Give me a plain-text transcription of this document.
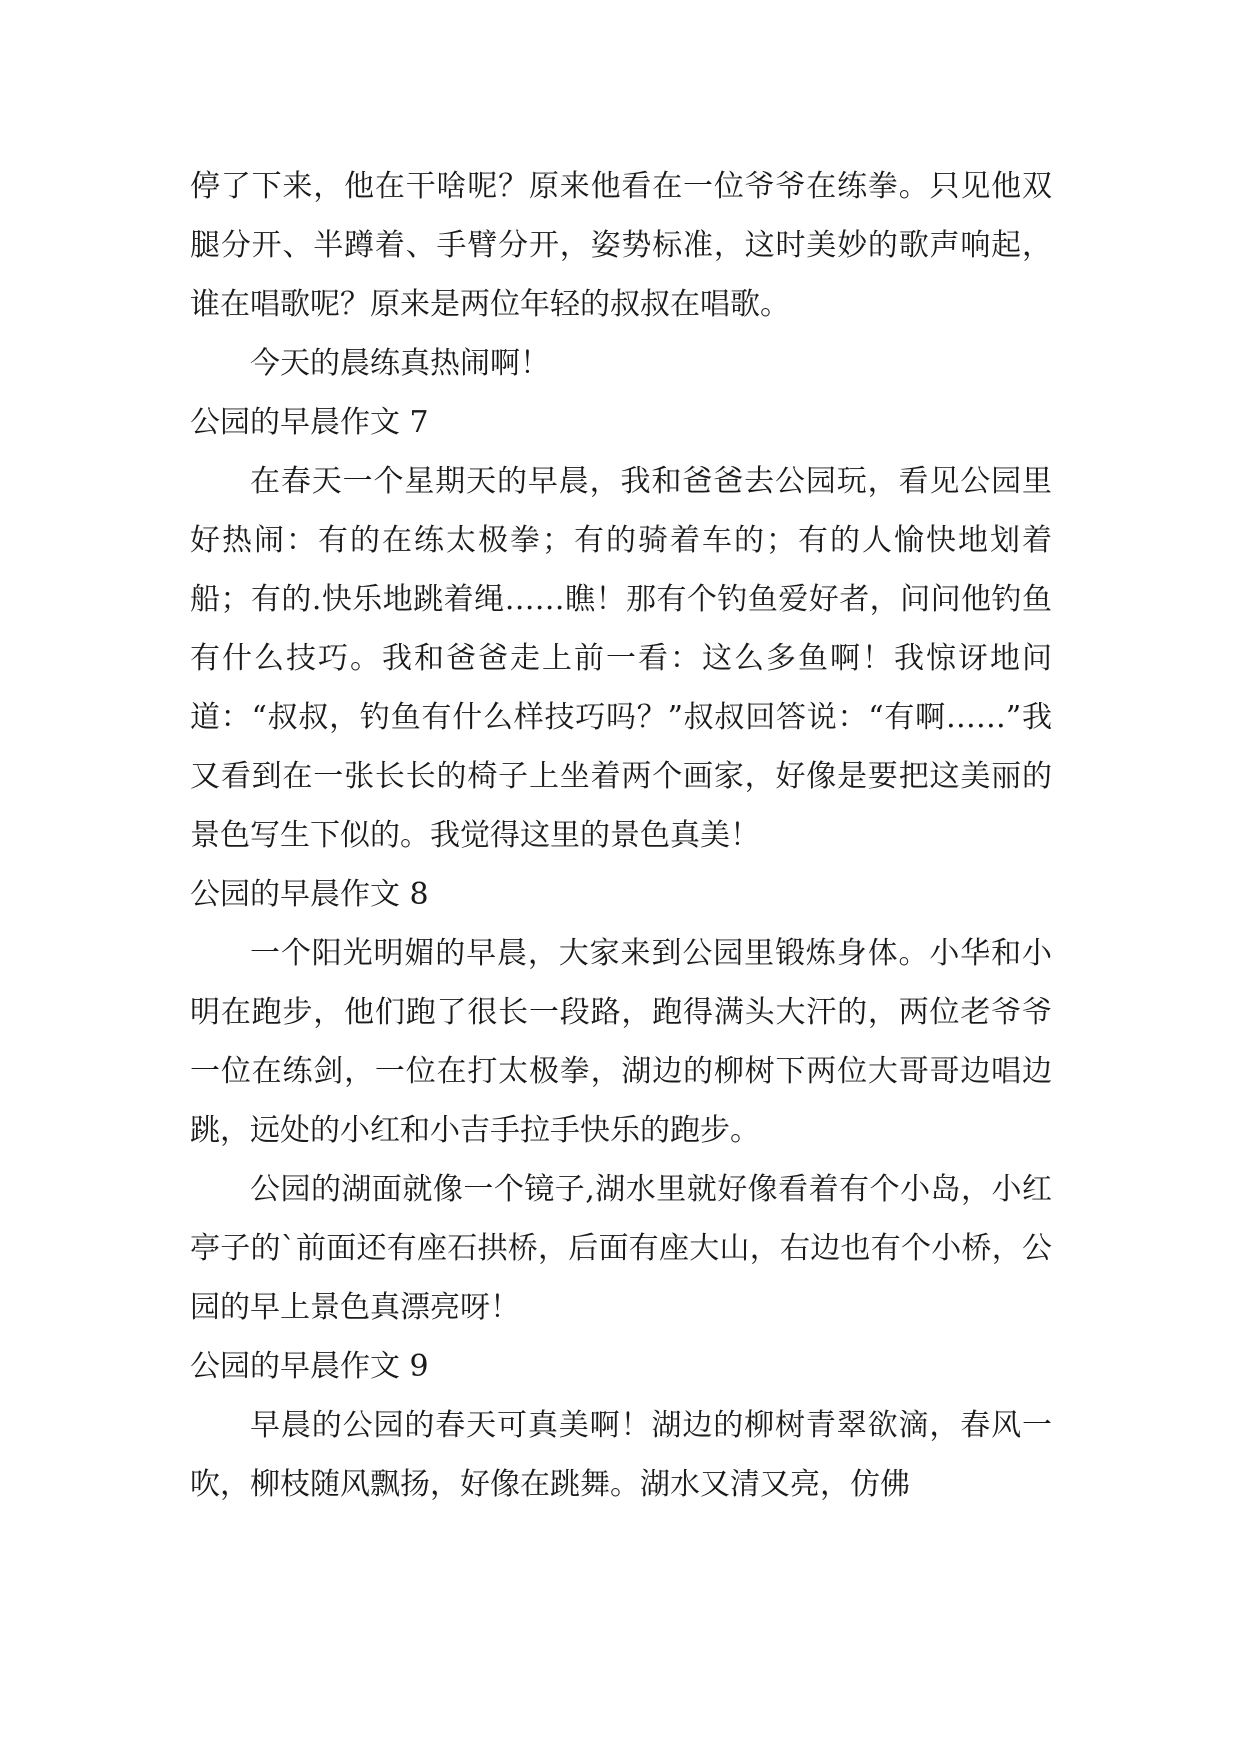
停了下来，他在干啥呢？原来他看在一位爷爷在练拳。只见他双腿分开、半蹲着、手臂分开，姿势标准，这时美妙的歌声响起，谁在唱歌呢？原来是两位年轻的叔叔在唱歌。

今天的晨练真热闹啊！

公园的早晨作文 7

在春天一个星期天的早晨，我和爸爸去公园玩，看见公园里好热闹：有的在练太极拳；有的骑着车的；有的人愉快地划着船；有的.快乐地跳着绳……瞧！那有个钓鱼爱好者，问问他钓鱼有什么技巧。我和爸爸走上前一看：这么多鱼啊！我惊讶地问道：“叔叔，钓鱼有什么样技巧吗？”叔叔回答说：“有啊……”我又看到在一张长长的椅子上坐着两个画家，好像是要把这美丽的景色写生下似的。我觉得这里的景色真美！

公园的早晨作文 8

一个阳光明媚的早晨，大家来到公园里锻炼身体。小华和小明在跑步，他们跑了很长一段路，跑得满头大汗的，两位老爷爷一位在练剑，一位在打太极拳，湖边的柳树下两位大哥哥边唱边跳，远处的小红和小吉手拉手快乐的跑步。

公园的湖面就像一个镜子,湖水里就好像看着有个小岛，小红亭子的`前面还有座石拱桥，后面有座大山，右边也有个小桥，公园的早上景色真漂亮呀！

公园的早晨作文 9

早晨的公园的春天可真美啊！湖边的柳树青翠欲滴，春风一吹，柳枝随风飘扬，好像在跳舞。湖水又清又亮，仿佛
